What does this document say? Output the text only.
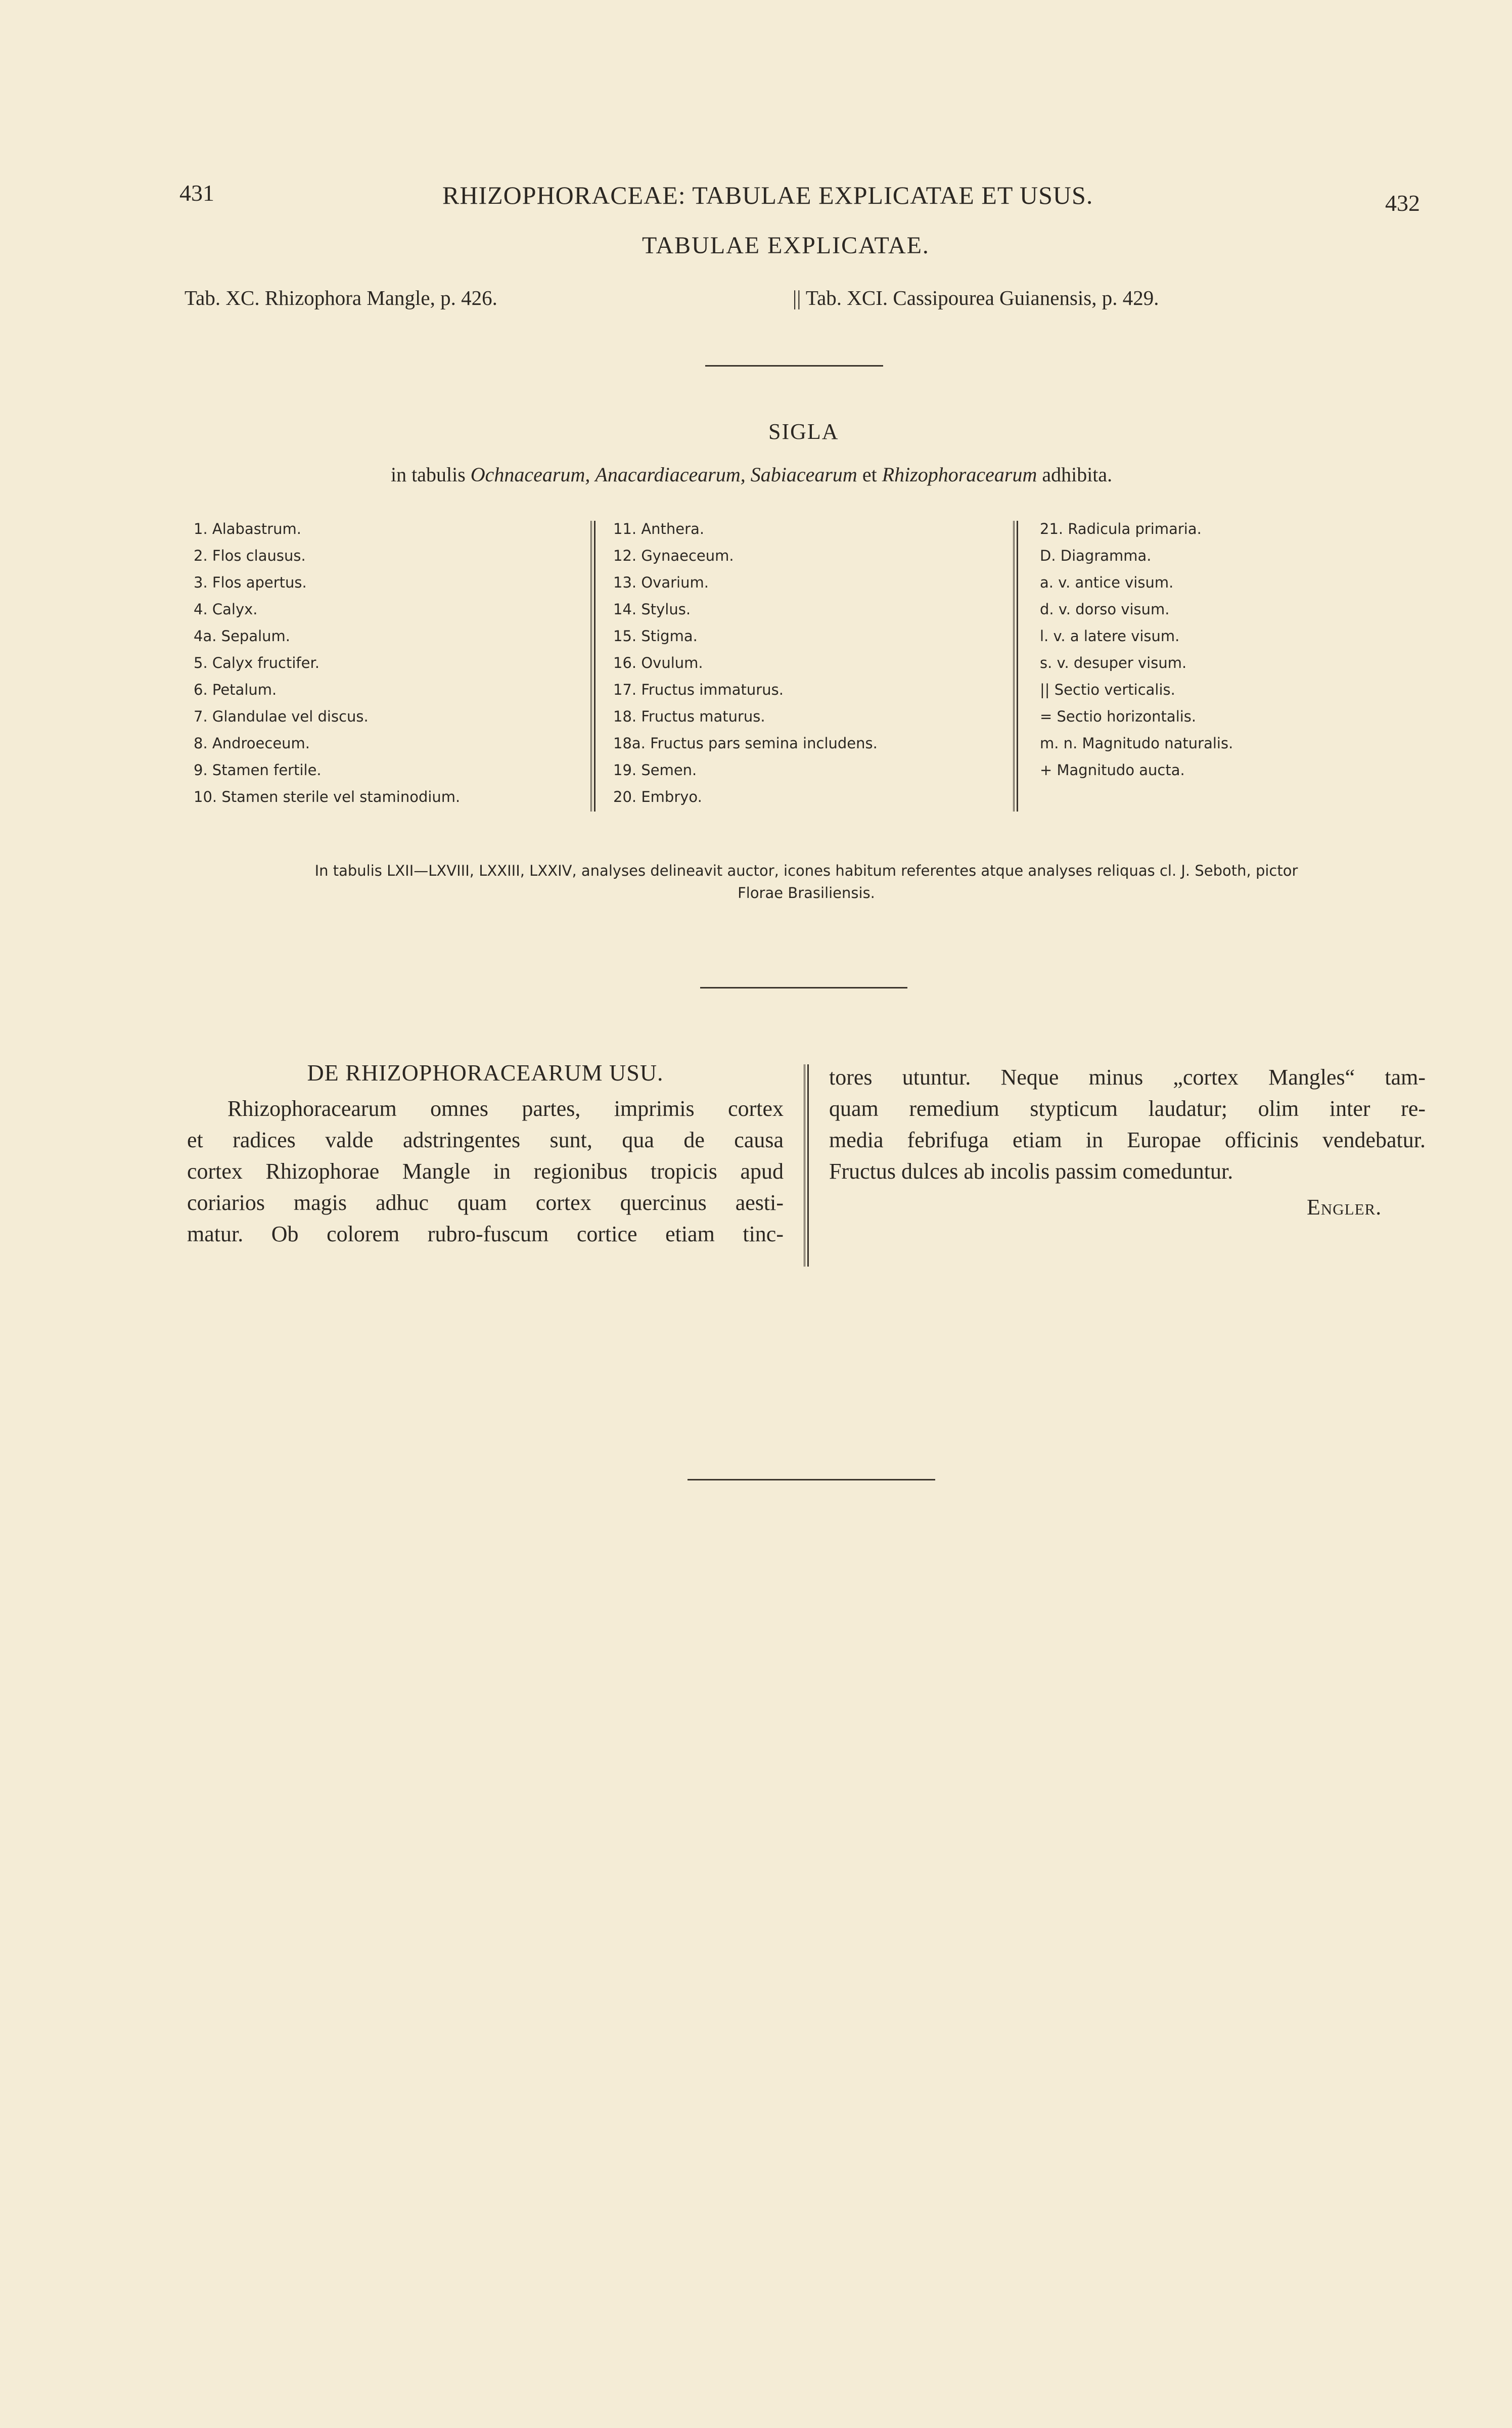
431	RHIZOPHORACEAE: TABULAE EXPLICATAE ET USUS.	432
TABULAE EXPLICATAE.
Tab. XC. Rhizophora Mangle, p. 426.	|| Tab. XCI. Cassipourea Guianensis, p. 429.
SIGLA
in tabulis Ochnacearum, Anacardiacearum, Sabiacearum et Rhizophoracearum adhibita.
1. Alabastrum.
2. Flos clausus.
3. Flos apertus.
4. Calyx.
4a. Sepalum.
5. Calyx fructifer.
6. Petalum.
7. Glandulae vel discus.
8. Androeceum.
9. Stamen fertile.
10. Stamen sterile vel staminodium.
11. Anthera.
12. Gynaeceum.
13. Ovarium.
14. Stylus.
15. Stigma.
16. Ovulum.
17. Fructus immaturus.
18. Fructus maturus.
18a. Fructus pars semina includens.
19. Semen.
20. Embryo.
21. Radicula primaria.
D. Diagramma.
a. v. antice visum.
d. v. dorso visum.
l. v. a latere visum.
s. v. desuper visum.
|| Sectio verticalis.
= Sectio horizontalis.
m. n. Magnitudo naturalis.
+ Magnitudo aucta.
In tabulis LXII—LXVIII, LXXIII, LXXIV, analyses delineavit auctor, icones habitum referentes atque analyses reliquas cl. J. Seboth, pictor
Florae Brasiliensis.
DE RHIZOPHORACEARUM USU.
Rhizophoracearum omnes partes, imprimis cortex
et radices valde adstringentes sunt, qua de causa
cortex Rhizophorae Mangle in regionibus tropicis apud
coriarios magis adhuc quam cortex quercinus aesti-
matur. Ob colorem rubro-fuscum cortice etiam tinc-
tores utuntur. Neque minus „cortex Mangles“ tam-
quam remedium stypticum laudatur; olim inter re-
media febrifuga etiam in Europae officinis vendebatur.
Fructus dulces ab incolis passim comeduntur.
Engler.
